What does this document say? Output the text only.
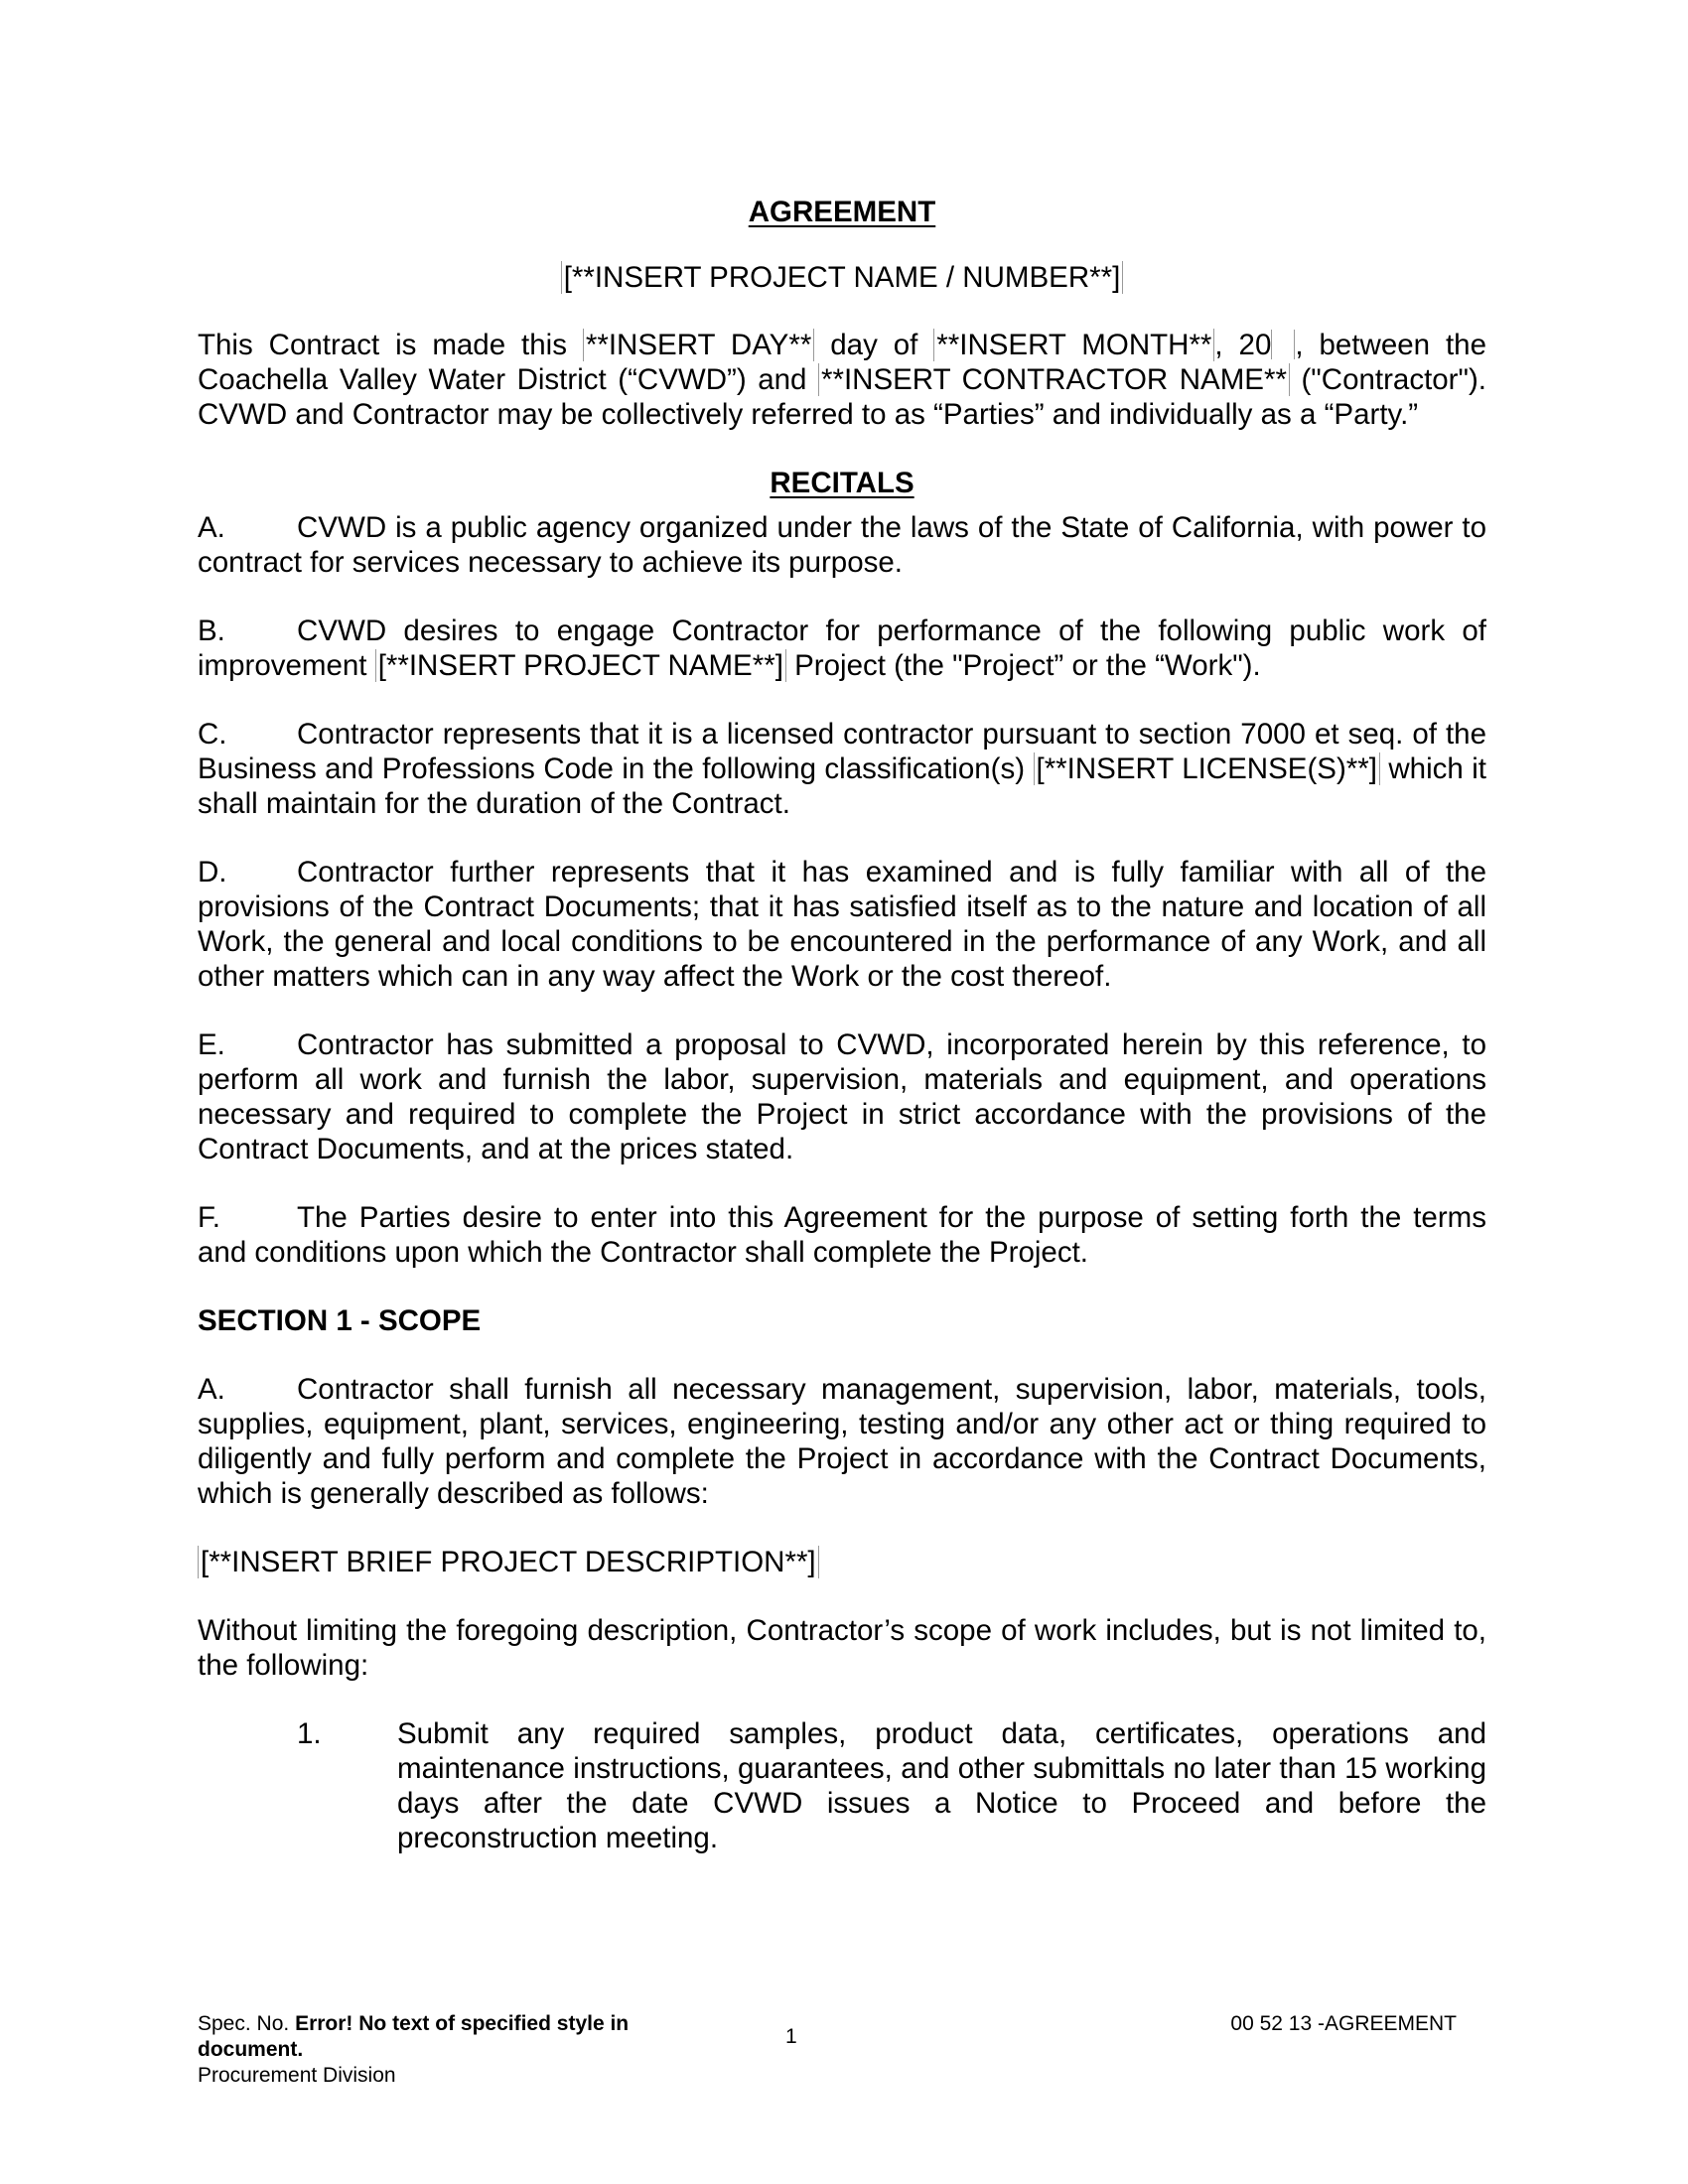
AGREEMENT
[**INSERT PROJECT NAME / NUMBER**]
This Contract is made this **INSERT DAY** day of **INSERT MONTH** , 20 , between the Coachella Valley Water District (“CVWD”) and **INSERT CONTRACTOR NAME** ("Contractor"). CVWD and Contractor may be collectively referred to as “Parties” and individually as a “Party.”
RECITALS
A. CVWD is a public agency organized under the laws of the State of California, with power to contract for services necessary to achieve its purpose.
B. CVWD desires to engage Contractor for performance of the following public work of improvement [**INSERT PROJECT NAME**] Project (the "Project” or the “Work").
C. Contractor represents that it is a licensed contractor pursuant to section 7000 et seq. of the Business and Professions Code in the following classification(s) [**INSERT LICENSE(S)**] which it shall maintain for the duration of the Contract.
D. Contractor further represents that it has examined and is fully familiar with all of the provisions of the Contract Documents; that it has satisfied itself as to the nature and location of all Work, the general and local conditions to be encountered in the performance of any Work, and all other matters which can in any way affect the Work or the cost thereof.
E. Contractor has submitted a proposal to CVWD, incorporated herein by this reference, to perform all work and furnish the labor, supervision, materials and equipment, and operations necessary and required to complete the Project in strict accordance with the provisions of the Contract Documents, and at the prices stated.
F.	The Parties desire to enter into this Agreement for the purpose of setting forth the terms and conditions upon which the Contractor shall complete the Project.
SECTION 1 - SCOPE
A. Contractor shall furnish all necessary management, supervision, labor, materials, tools, supplies, equipment, plant, services, engineering, testing and/or any other act or thing required to diligently and fully perform and complete the Project in accordance with the Contract Documents, which is generally described as follows:
[**INSERT BRIEF PROJECT DESCRIPTION**]
Without limiting the foregoing description, Contractor’s scope of work includes, but is not limited to, the following:
1.	Submit any required samples, product data, certificates, operations and maintenance instructions, guarantees, and other submittals no later than 15 working days after the date CVWD issues a Notice to Proceed and before the preconstruction meeting.
Spec. No. Error! No text of specified style in document.
Procurement Division
1
00 52 13 -AGREEMENT
